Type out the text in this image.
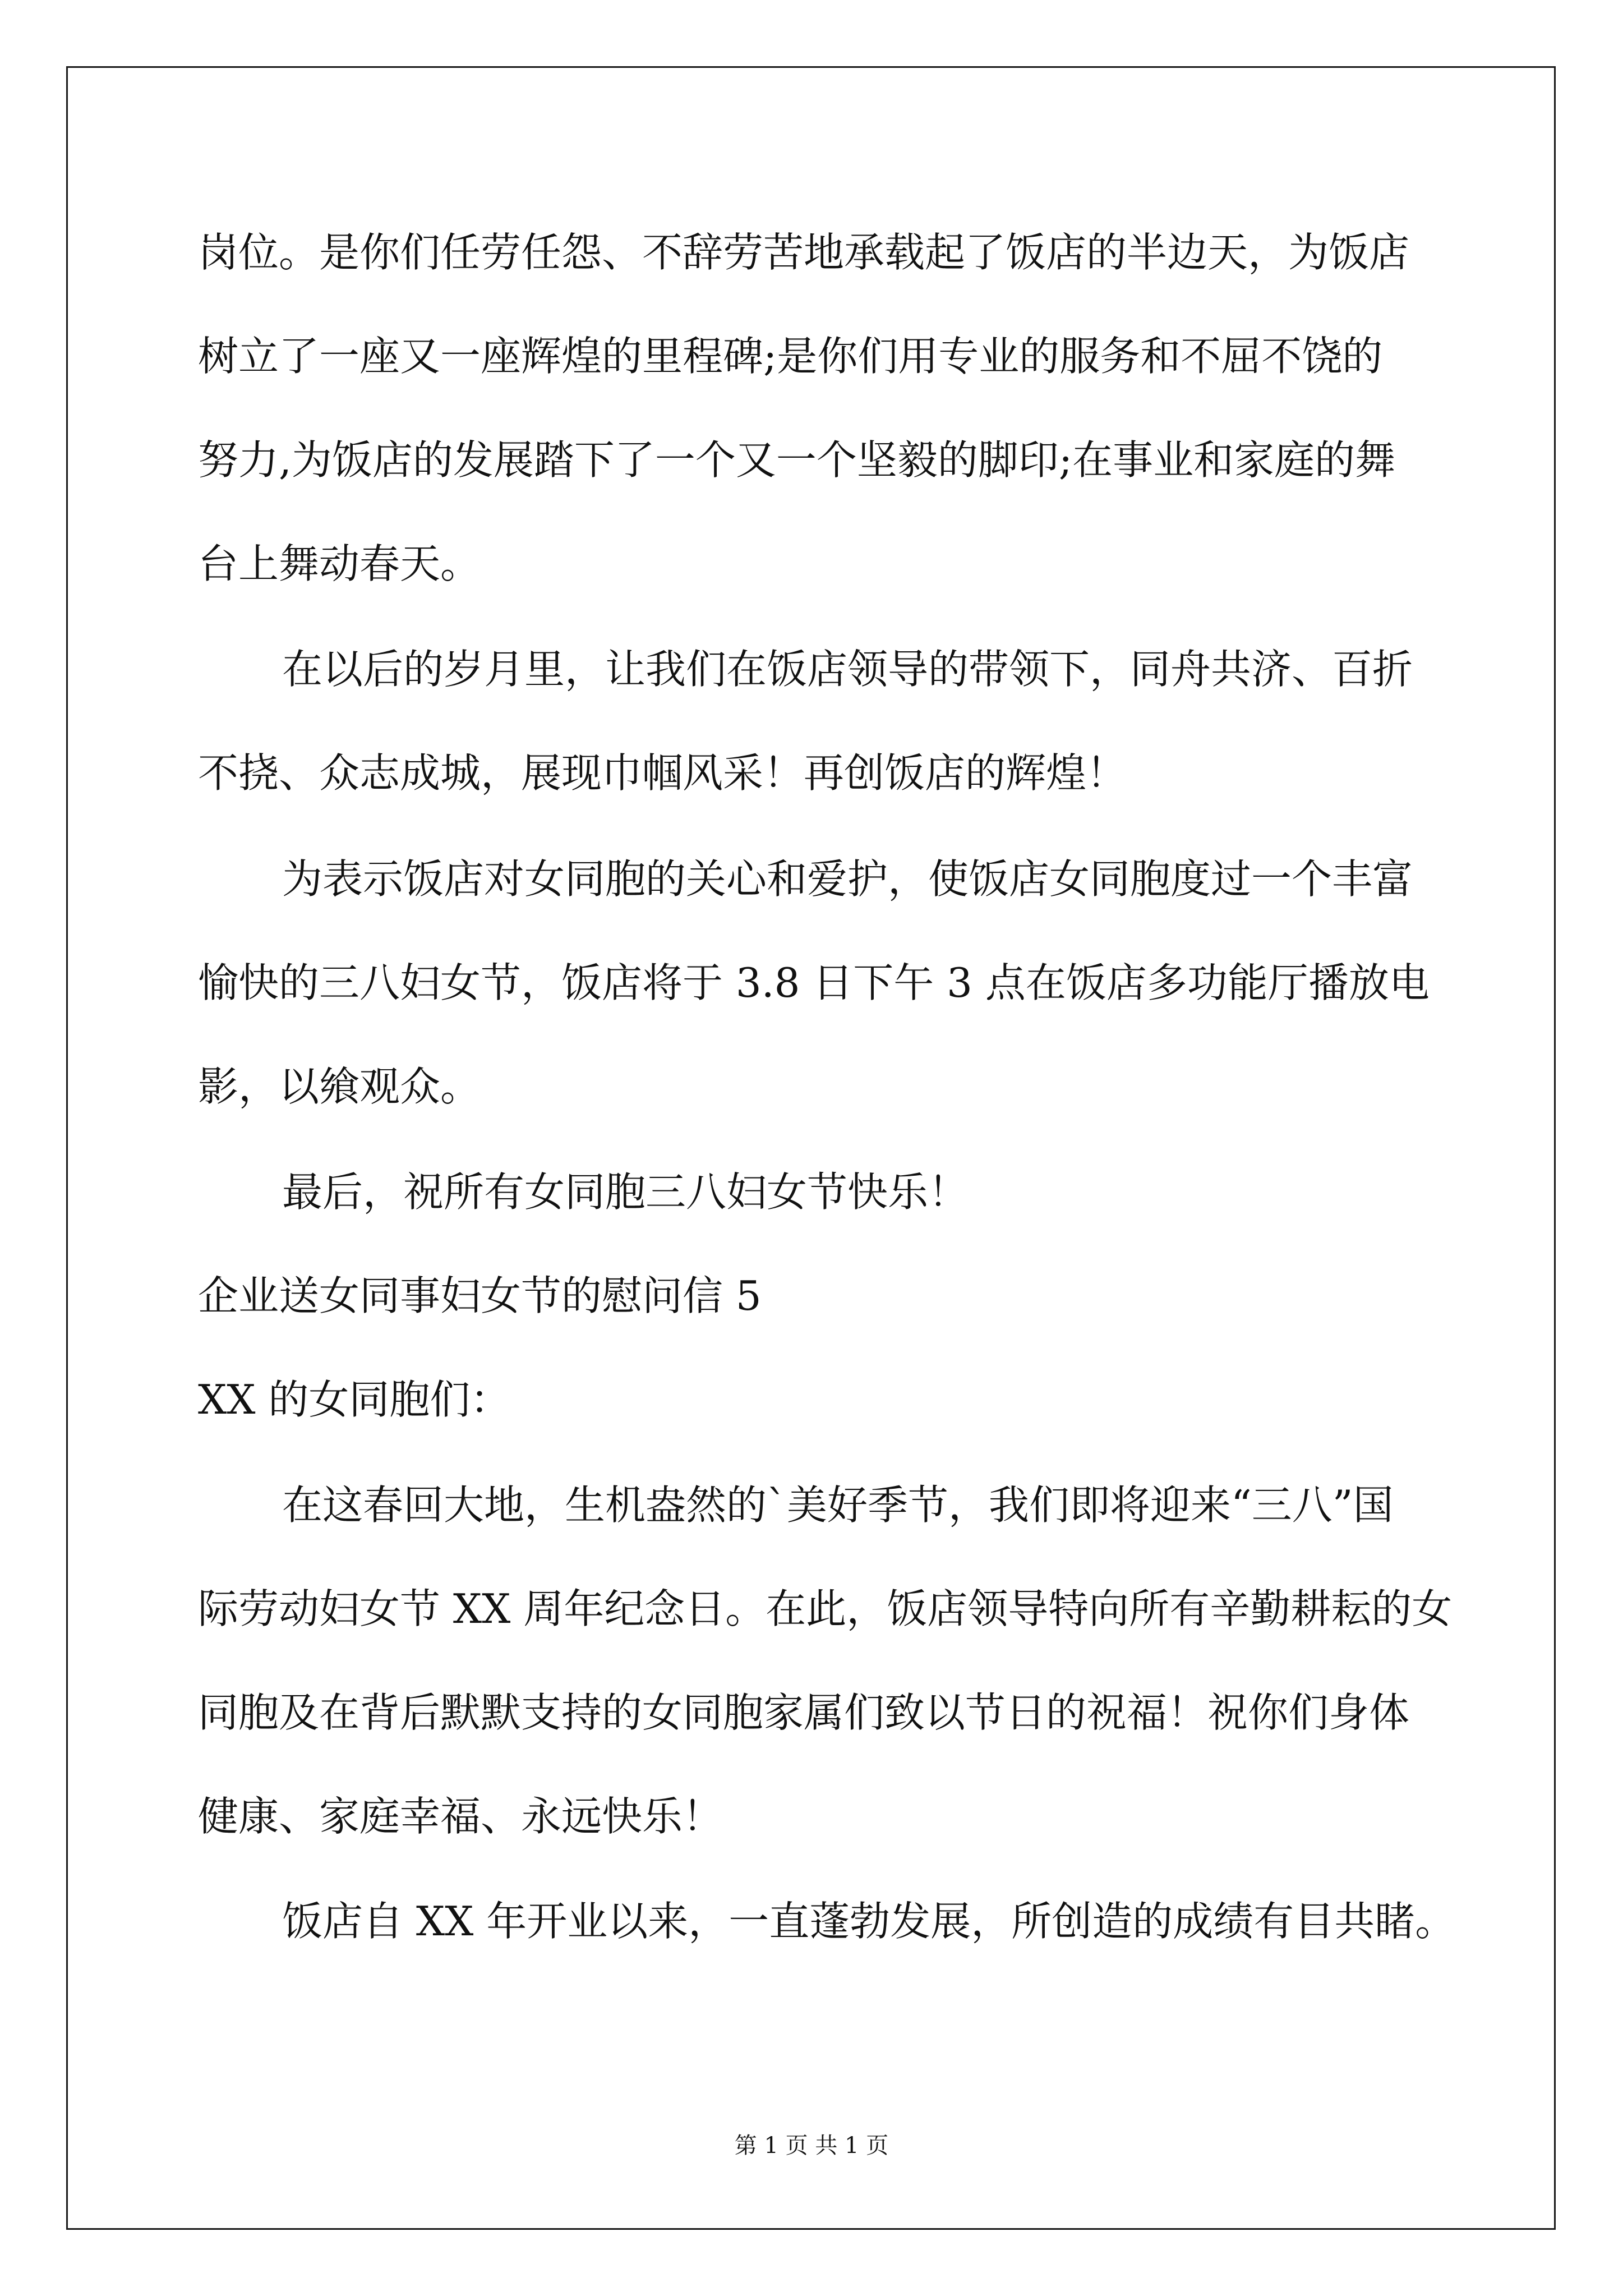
岗位。是你们任劳任怨、不辞劳苦地承载起了饭店的半边天，为饭店
树立了一座又一座辉煌的里程碑;是你们用专业的服务和不屈不饶的
努力,为饭店的发展踏下了一个又一个坚毅的脚印;在事业和家庭的舞
台上舞动春天。
在以后的岁月里，让我们在饭店领导的带领下，同舟共济、百折
不挠、众志成城，展现巾帼风采！再创饭店的辉煌！
为表示饭店对女同胞的关心和爱护，使饭店女同胞度过一个丰富
愉快的三八妇女节，饭店将于 3.8 日下午 3 点在饭店多功能厅播放电
影，以飨观众。
最后，祝所有女同胞三八妇女节快乐！
企业送女同事妇女节的慰问信 5
XX 的女同胞们：
在这春回大地，生机盎然的`美好季节，我们即将迎来“三八”国
际劳动妇女节 XX 周年纪念日。在此，饭店领导特向所有辛勤耕耘的女
同胞及在背后默默支持的女同胞家属们致以节日的祝福！祝你们身体
健康、家庭幸福、永远快乐！
饭店自 XX 年开业以来，一直蓬勃发展，所创造的成绩有目共睹。
第 1 页 共 1 页
